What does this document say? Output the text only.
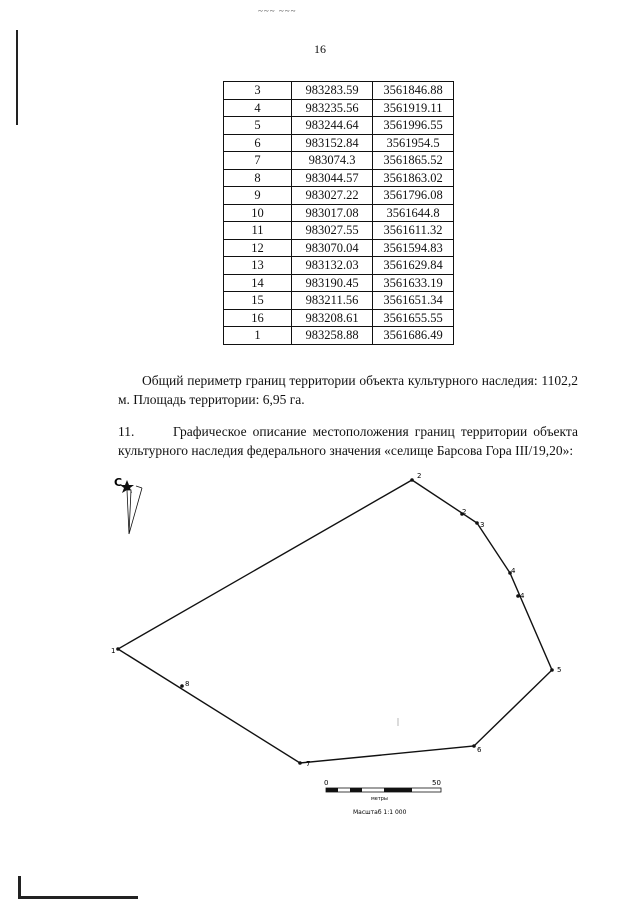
~~~ ~~~
16
3	983283.59	3561846.88
4	983235.56	3561919.11
5	983244.64	3561996.55
6	983152.84	3561954.5
7	983074.3	3561865.52
8	983044.57	3561863.02
9	983027.22	3561796.08
10	983017.08	3561644.8
11	983027.55	3561611.32
12	983070.04	3561594.83
13	983132.03	3561629.84
14	983190.45	3561633.19
15	983211.56	3561651.34
16	983208.61	3561655.55
1	983258.88	3561686.49

Общий периметр границ территории объекта культурного наследия: 1102,2 м. Площадь территории: 6,95 га.

11.	Графическое описание местоположения границ территории объекта культурного наследия федерального значения «селище Барсова Гора III/19,20»:

С	2
2
3
4
4
5
6
7
8
1
0	50
метры
Масштаб 1:1 000
